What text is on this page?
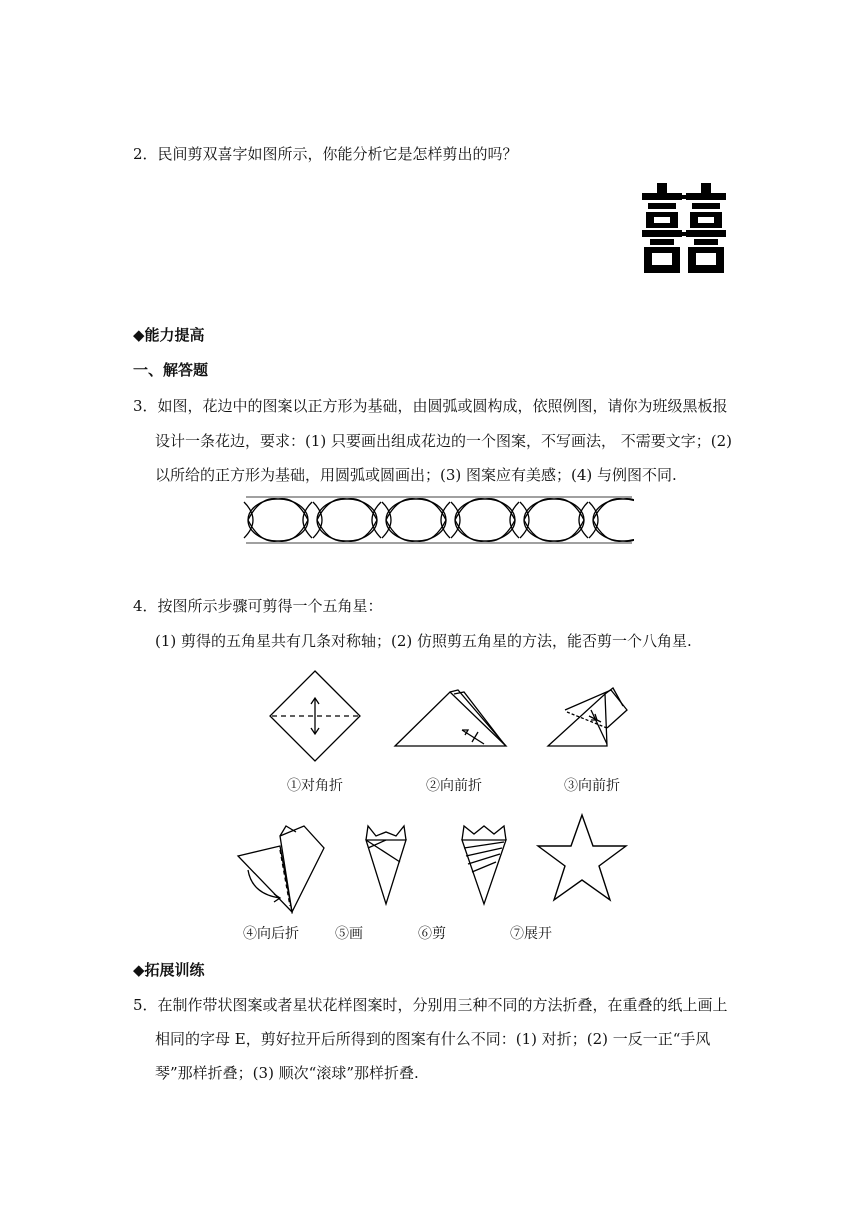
2．民间剪双喜字如图所示，你能分析它是怎样剪出的吗？
◆能力提高
一、解答题
3．如图，花边中的图案以正方形为基础，由圆弧或圆构成，依照例图，请你为班级黑板报
设计一条花边，要求：(1) 只要画出组成花边的一个图案，不写画法， 不需要文字；(2)
以所给的正方形为基础，用圆弧或圆画出；(3) 图案应有美感；(4) 与例图不同.
4．按图所示步骤可剪得一个五角星：
(1) 剪得的五角星共有几条对称轴；(2) 仿照剪五角星的方法，能否剪一个八角星.
①对角折	②向前折	③向前折
④向后折	⑤画	⑥剪	⑦展开
◆拓展训练
5．在制作带状图案或者星状花样图案时，分别用三种不同的方法折叠，在重叠的纸上画上
相同的字母 E，剪好拉开后所得到的图案有什么不同：(1) 对折；(2) 一反一正“手风
琴”那样折叠；(3) 顺次“滚球”那样折叠.
